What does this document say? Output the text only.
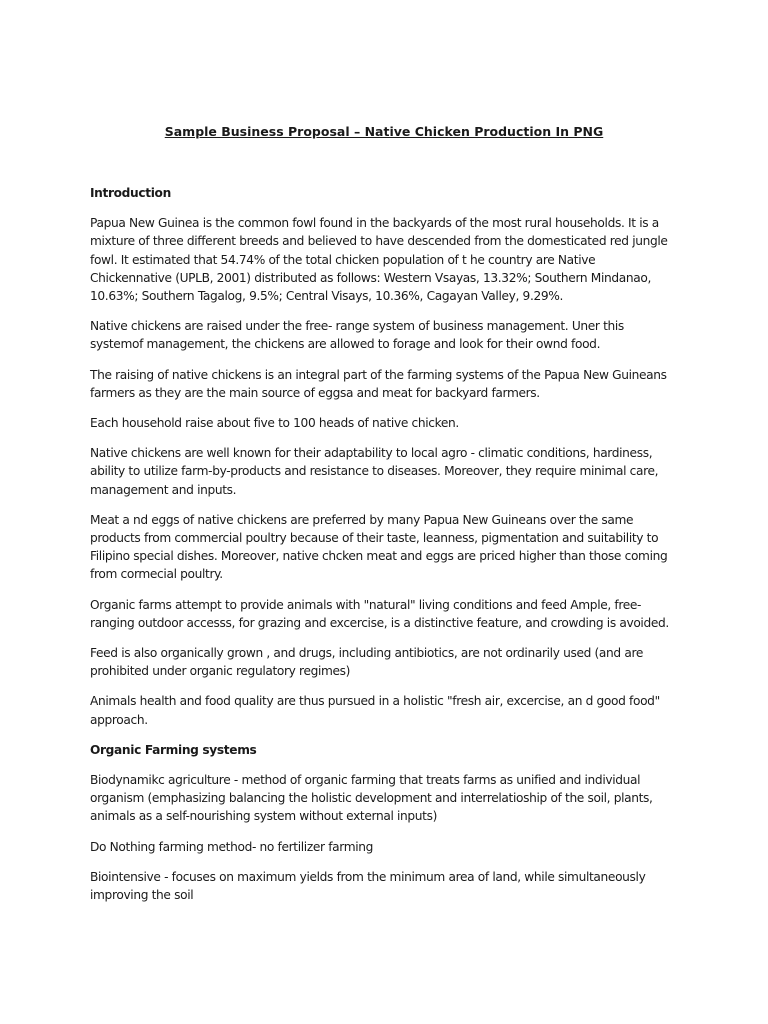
Sample Business Proposal – Native Chicken Production In PNG

Introduction

Papua New Guinea is the common fowl found in the backyards of the most rural households. It is a mixture of three different breeds and believed to have descended from the domesticated red jungle fowl. It estimated that 54.74% of the total chicken population of t he country are Native Chickennative (UPLB, 2001) distributed as follows: Western Vsayas, 13.32%; Southern Mindanao, 10.63%; Southern Tagalog, 9.5%; Central Visays, 10.36%, Cagayan Valley, 9.29%.

Native chickens are raised under the free- range system of business management. Uner this systemof management, the chickens are allowed to forage and look for their ownd food.

The raising of native chickens is an integral part of the farming systems of the Papua New Guineans farmers as they are the main source of eggsa and meat for backyard farmers.

Each household raise about five to 100 heads of native chicken.

Native chickens are well known for their adaptability to local agro - climatic conditions, hardiness, ability to utilize farm-by-products and resistance to diseases. Moreover, they require minimal care, management and inputs.

Meat a nd eggs of native chickens are preferred by many Papua New Guineans over the same products from commercial poultry because of their taste, leanness, pigmentation and suitability to Filipino special dishes. Moreover, native chcken meat and eggs are priced higher than those coming from cormecial poultry.

Organic farms attempt to provide animals with "natural" living conditions and feed Ample, free-ranging outdoor accesss, for grazing and excercise, is a distinctive feature, and crowding is avoided.

Feed is also organically grown , and drugs, including antibiotics, are not ordinarily used (and are prohibited under organic regulatory regimes)

Animals health and food quality are thus pursued in a holistic "fresh air, excercise, an d good food" approach.

Organic Farming systems

Biodynamikc agriculture - method of organic farming that treats farms as unified and individual organism (emphasizing balancing the holistic development and interrelatioship of the soil, plants, animals as a self-nourishing system without external inputs)

Do Nothing farming method- no fertilizer farming

Biointensive - focuses on maximum yields from the minimum area of land, while simultaneously improving the soil
